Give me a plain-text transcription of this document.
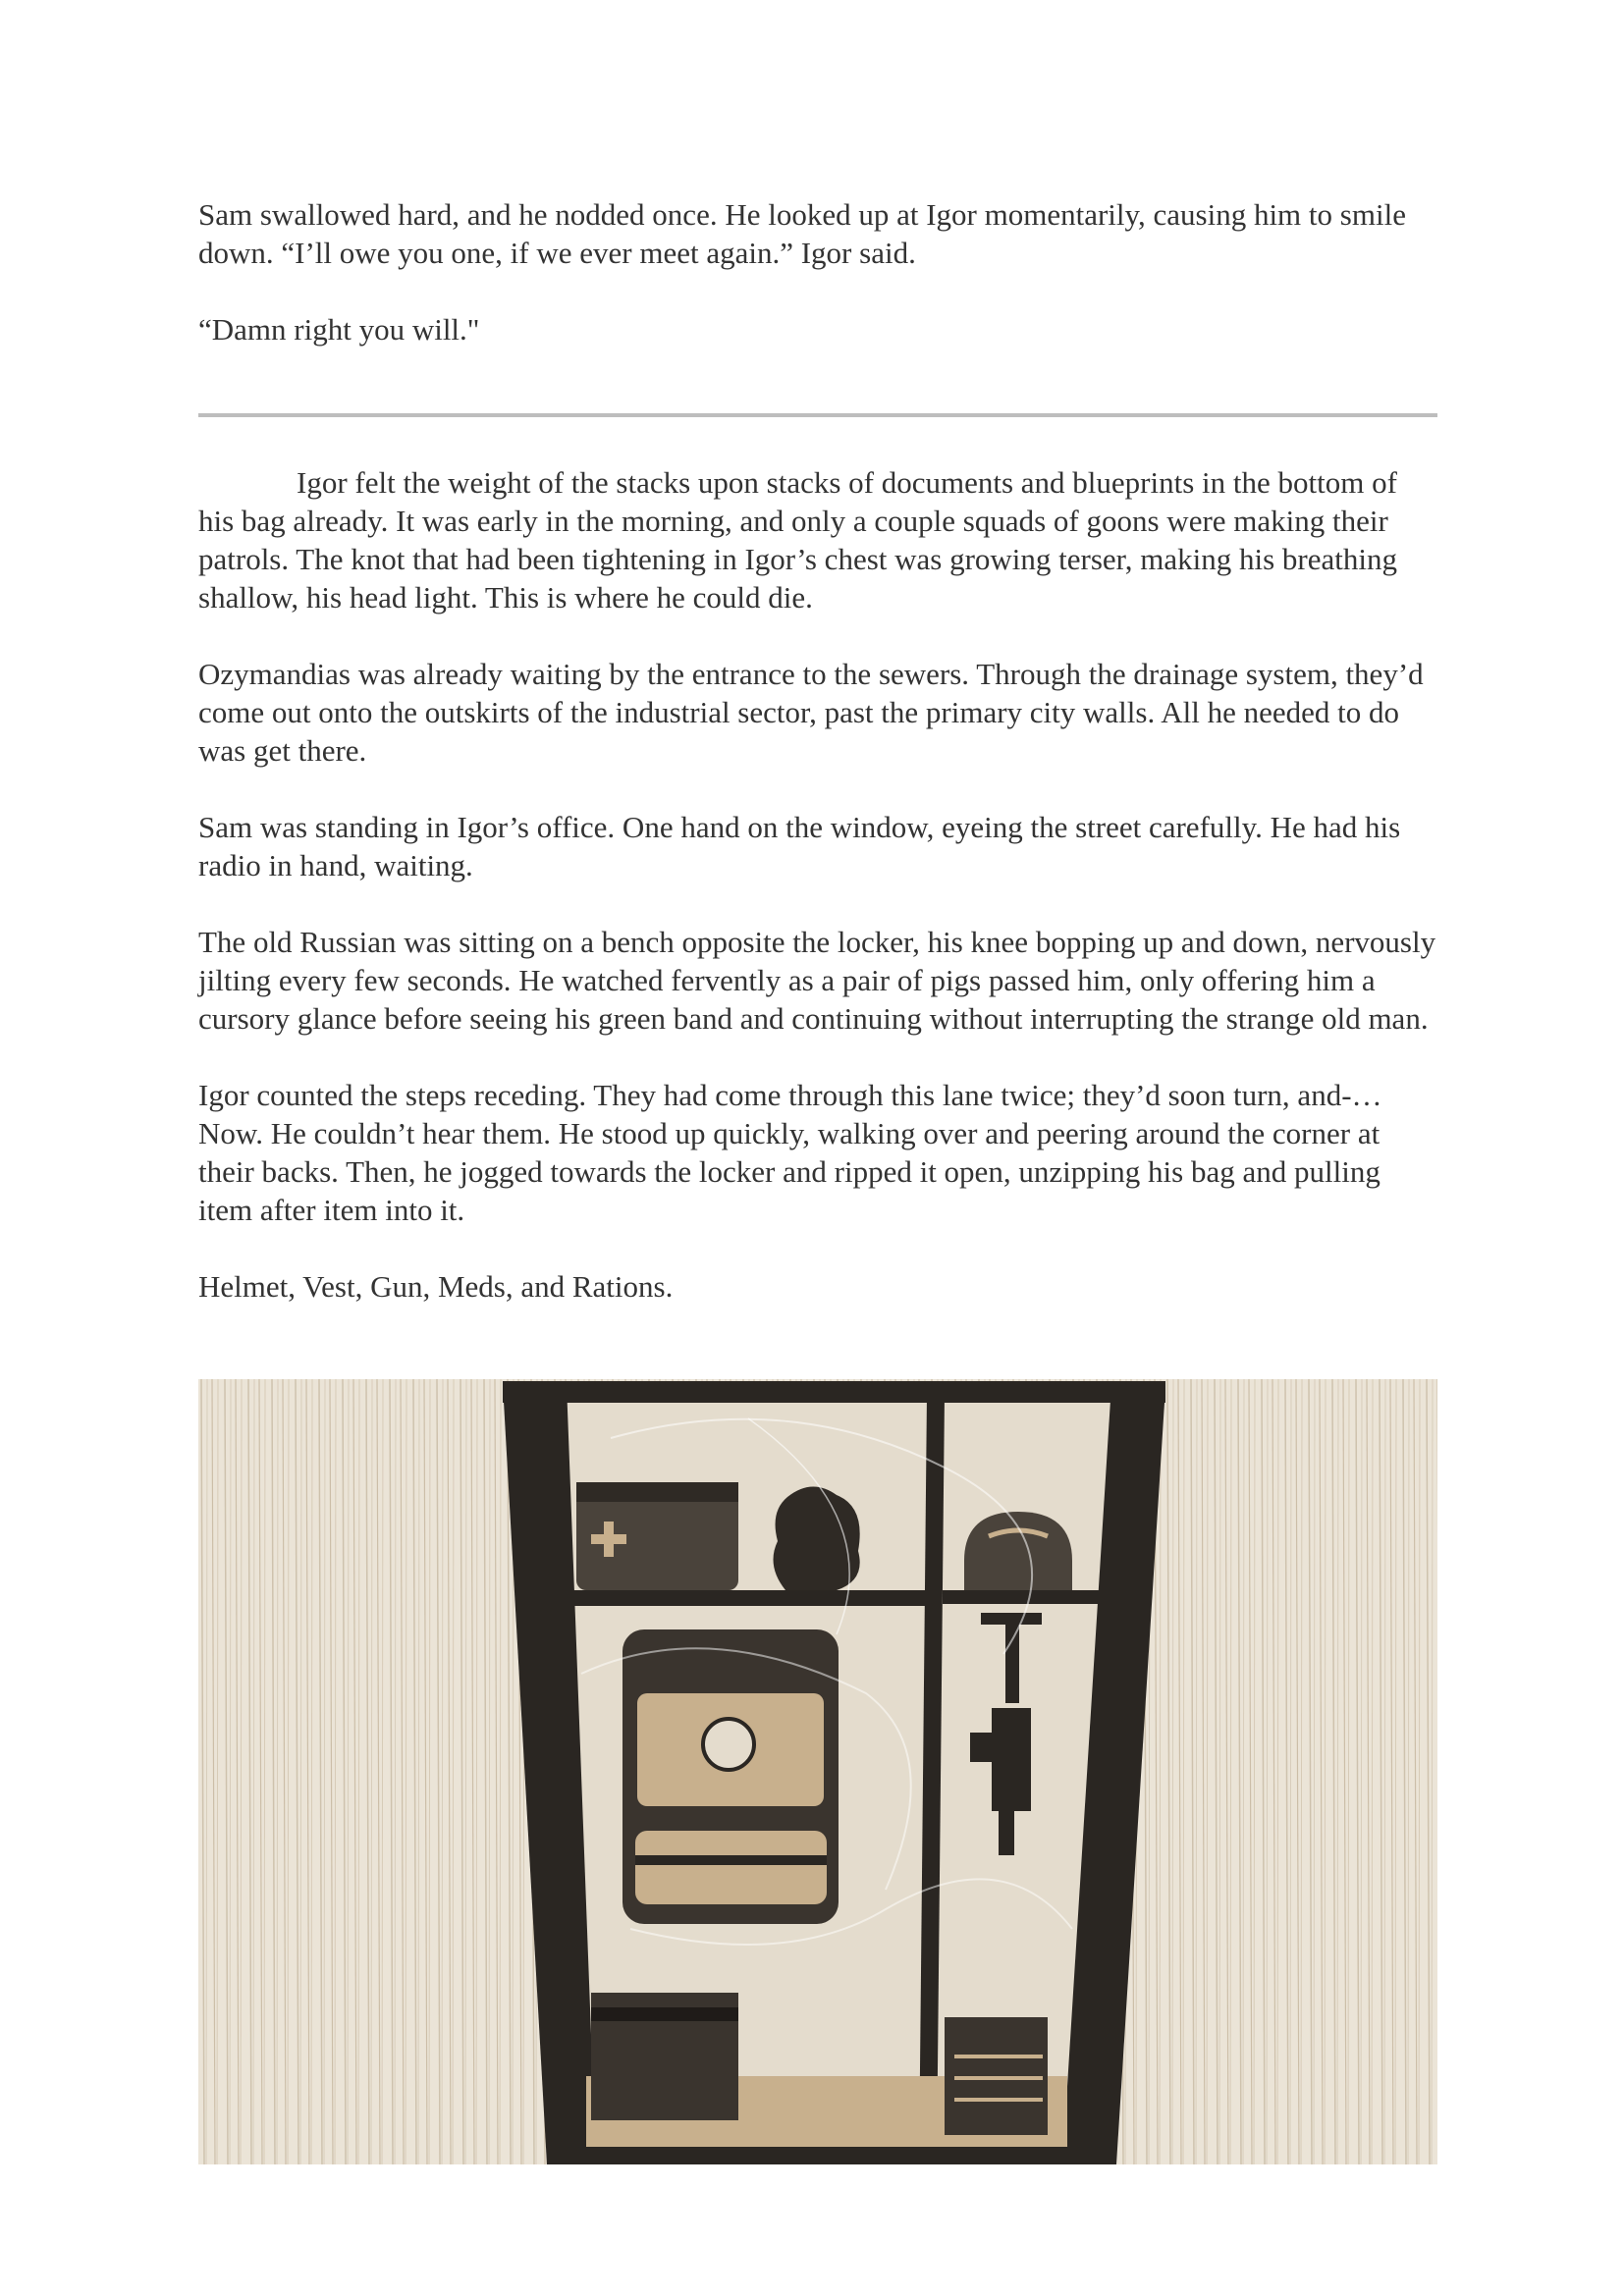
Sam swallowed hard, and he nodded once. He looked up at Igor momentarily, causing him to smile down. “I’ll owe you one, if we ever meet again.” Igor said.

“Damn right you will."

Igor felt the weight of the stacks upon stacks of documents and blueprints in the bottom of his bag already. It was early in the morning, and only a couple squads of goons were making their patrols. The knot that had been tightening in Igor’s chest was growing terser, making his breathing shallow, his head light. This is where he could die.

Ozymandias was already waiting by the entrance to the sewers. Through the drainage system, they’d come out onto the outskirts of the industrial sector, past the primary city walls. All he needed to do was get there.

Sam was standing in Igor’s office. One hand on the window, eyeing the street carefully. He had his radio in hand, waiting.

The old Russian was sitting on a bench opposite the locker, his knee bopping up and down, nervously jilting every few seconds. He watched fervently as a pair of pigs passed him, only offering him a cursory glance before seeing his green band and continuing without interrupting the strange old man.

Igor counted the steps receding. They had come through this lane twice; they’d soon turn, and-… Now. He couldn’t hear them. He stood up quickly, walking over and peering around the corner at their backs. Then, he jogged towards the locker and ripped it open, unzipping his bag and pulling item after item into it.

Helmet, Vest, Gun, Meds, and Rations.
